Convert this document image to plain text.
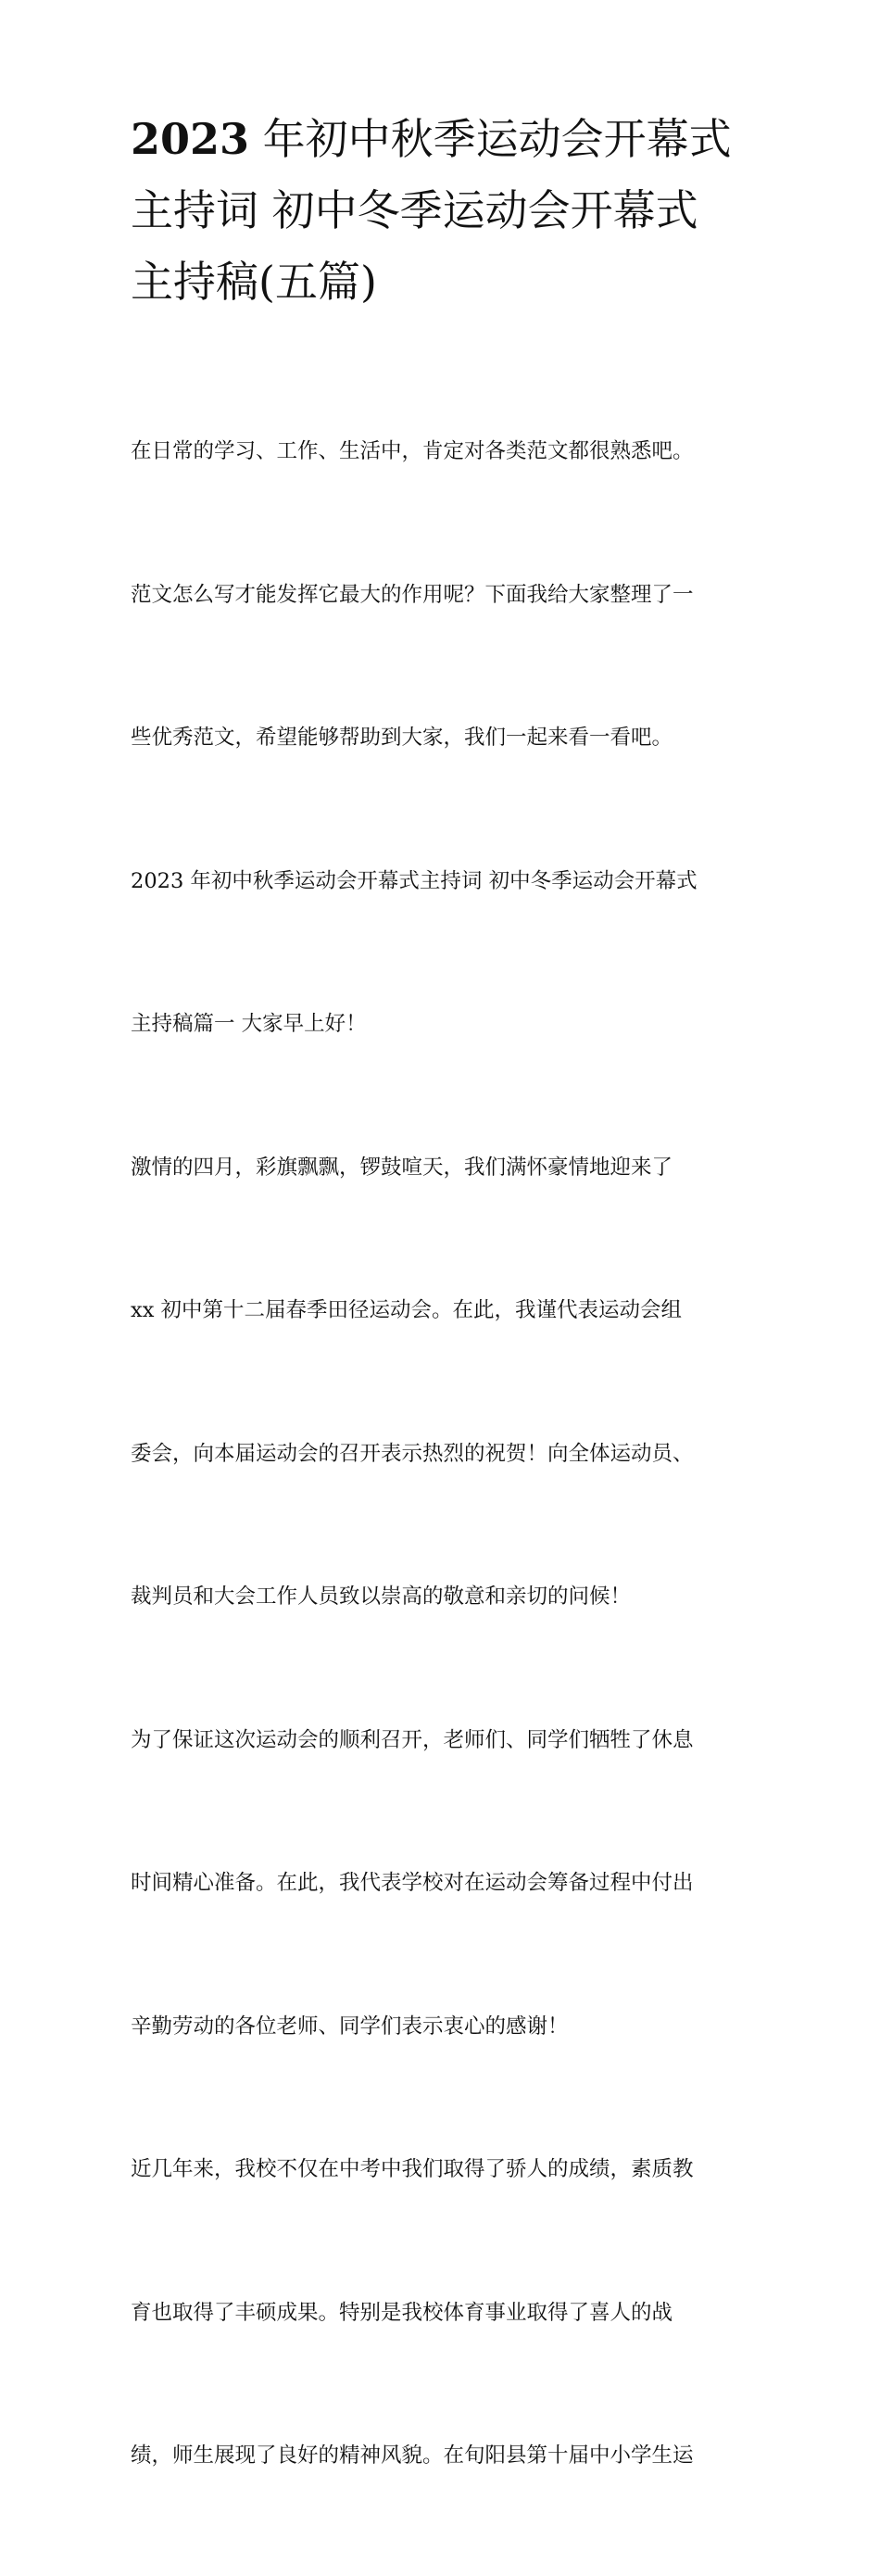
2023 年初中秋季运动会开幕式
主持词 初中冬季运动会开幕式
主持稿(五篇)

在日常的学习、工作、生活中，肯定对各类范文都很熟悉吧。

范文怎么写才能发挥它最大的作用呢？下面我给大家整理了一

些优秀范文，希望能够帮助到大家，我们一起来看一看吧。

2023 年初中秋季运动会开幕式主持词 初中冬季运动会开幕式

主持稿篇一 大家早上好！

激情的四月，彩旗飘飘，锣鼓喧天，我们满怀豪情地迎来了

xx 初中第十二届春季田径运动会。在此，我谨代表运动会组

委会，向本届运动会的召开表示热烈的祝贺！向全体运动员、

裁判员和大会工作人员致以崇高的敬意和亲切的问候！

为了保证这次运动会的顺利召开，老师们、同学们牺牲了休息

时间精心准备。在此，我代表学校对在运动会筹备过程中付出

辛勤劳动的各位老师、同学们表示衷心的感谢！

近几年来，我校不仅在中考中我们取得了骄人的成绩，素质教

育也取得了丰硕成果。特别是我校体育事业取得了喜人的战

绩，师生展现了良好的精神风貌。在旬阳县第十届中小学生运
